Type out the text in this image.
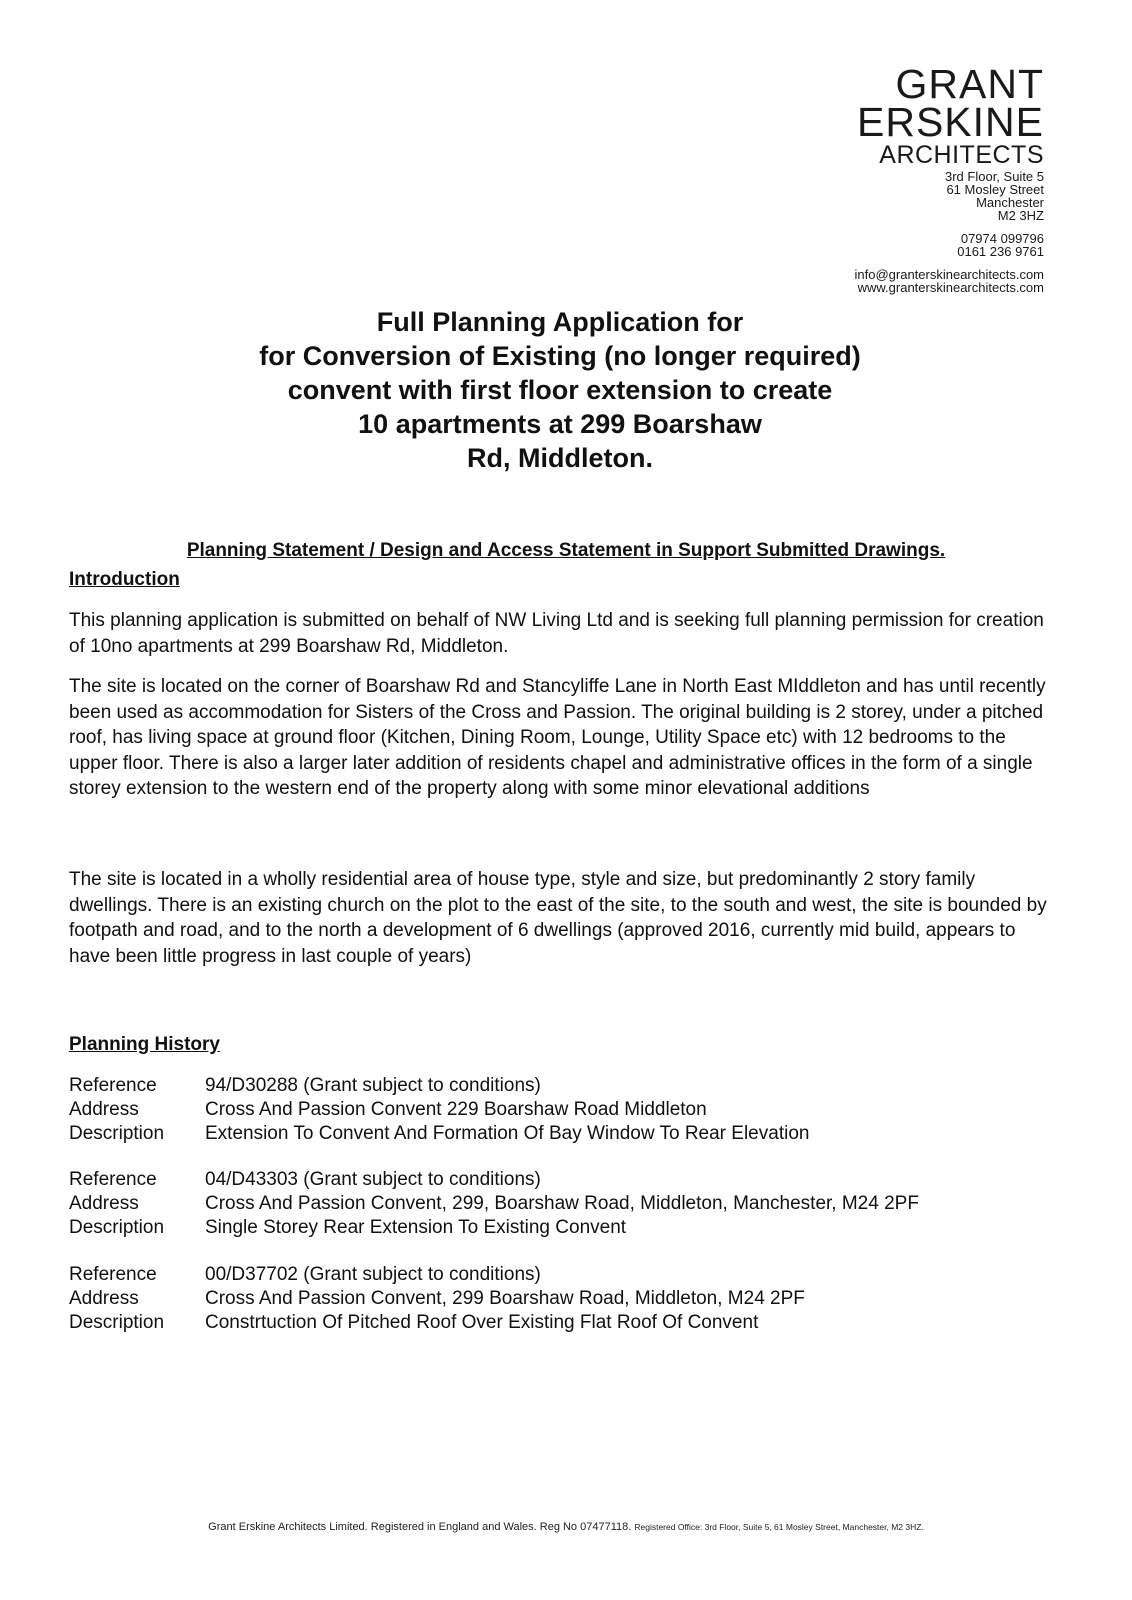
GRANT
ERSKINE
ARCHITECTS
3rd Floor, Suite 5
61 Mosley Street
Manchester
M2 3HZ
07974 099796
0161 236 9761
info@granterskinearchitects.com
www.granterskinearchitects.com
Full Planning Application for
for Conversion of Existing (no longer required)
convent with first floor extension to create
10 apartments at 299 Boarshaw
Rd, Middleton.
Planning Statement / Design and Access Statement in Support Submitted Drawings.
Introduction

This planning application is submitted on behalf of NW Living Ltd and is seeking full planning permission for creation of 10no apartments at 299 Boarshaw Rd, Middleton.

The site is located on the corner of Boarshaw Rd and Stancyliffe Lane in North East MIddleton and has until recently been used as accommodation for Sisters of the Cross and Passion. The original building is 2 storey, under a pitched roof, has living space at ground floor (Kitchen, Dining Room, Lounge, Utility Space etc) with 12 bedrooms to the upper floor. There is also a larger later addition of residents chapel and administrative offices in the form of a single storey extension to the western end of the property along with some minor elevational additions

The site is located in a wholly residential area of house type, style and size, but predominantly 2 story family dwellings. There is an existing church on the plot to the east of the site, to the south and west, the site is bounded by footpath and road, and to the north a development of 6 dwellings (approved 2016, currently mid build, appears to have been little progress in last couple of years)

Planning History
Reference	94/D30288 (Grant subject to conditions)
Address	Cross And Passion Convent 229 Boarshaw Road Middleton
Description	Extension To Convent And Formation Of Bay Window To Rear Elevation
Reference	04/D43303 (Grant subject to conditions)
Address	Cross And Passion Convent, 299, Boarshaw Road, Middleton, Manchester, M24 2PF
Description	Single Storey Rear Extension To Existing Convent
Reference	00/D37702 (Grant subject to conditions)
Address	Cross And Passion Convent, 299 Boarshaw Road, Middleton, M24 2PF
Description	Constrtuction Of Pitched Roof Over Existing Flat Roof Of Convent
Grant Erskine Architects Limited. Registered in England and Wales. Reg No 07477118. Registered Office: 3rd Floor, Suite 5, 61 Mosley Street, Manchester, M2 3HZ.
